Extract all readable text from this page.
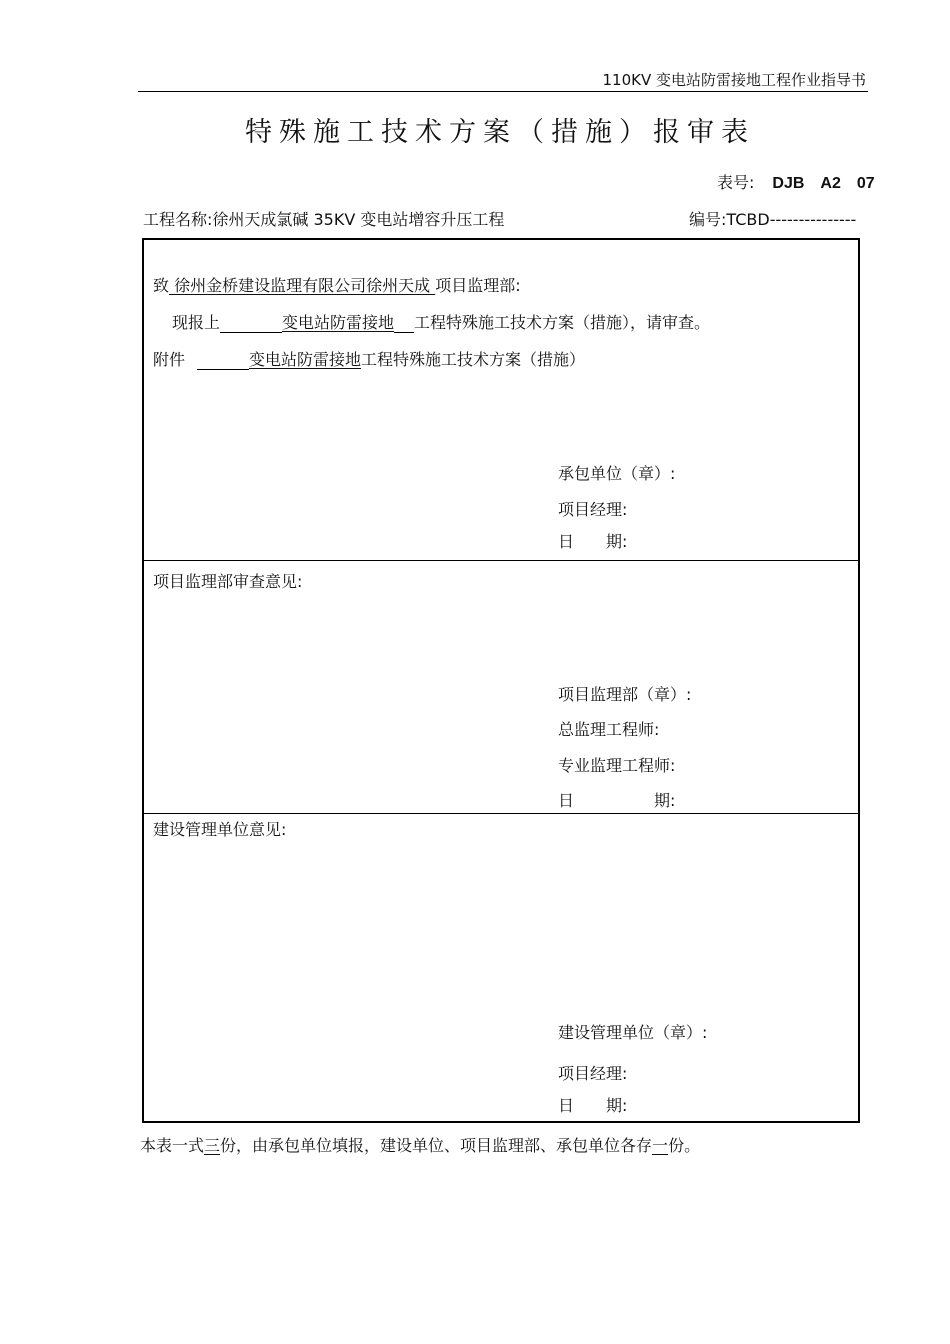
110KV 变电站防雷接地工程作业指导书
特殊施工技术方案（措施）报审表
表号: DJB　A2　07
工程名称:徐州天成氯碱 35KV 变电站增容升压工程	编号:TCBD---------------
致 徐州金桥建设监理有限公司徐州天成 项目监理部:
现报上	变电站防雷接地 工程特殊施工技术方案（措施），请审查。
附件	变电站防雷接地工程特殊施工技术方案（措施）
承包单位（章）:
项目经理:
日　　期:
项目监理部审查意见:
项目监理部（章）:
总监理工程师:
专业监理工程师:
日　　　　　期:
建设管理单位意见:
建设管理单位（章）:
项目经理:
日　　期:
本表一式三份，由承包单位填报，建设单位、项目监理部、承包单位各存一份。
